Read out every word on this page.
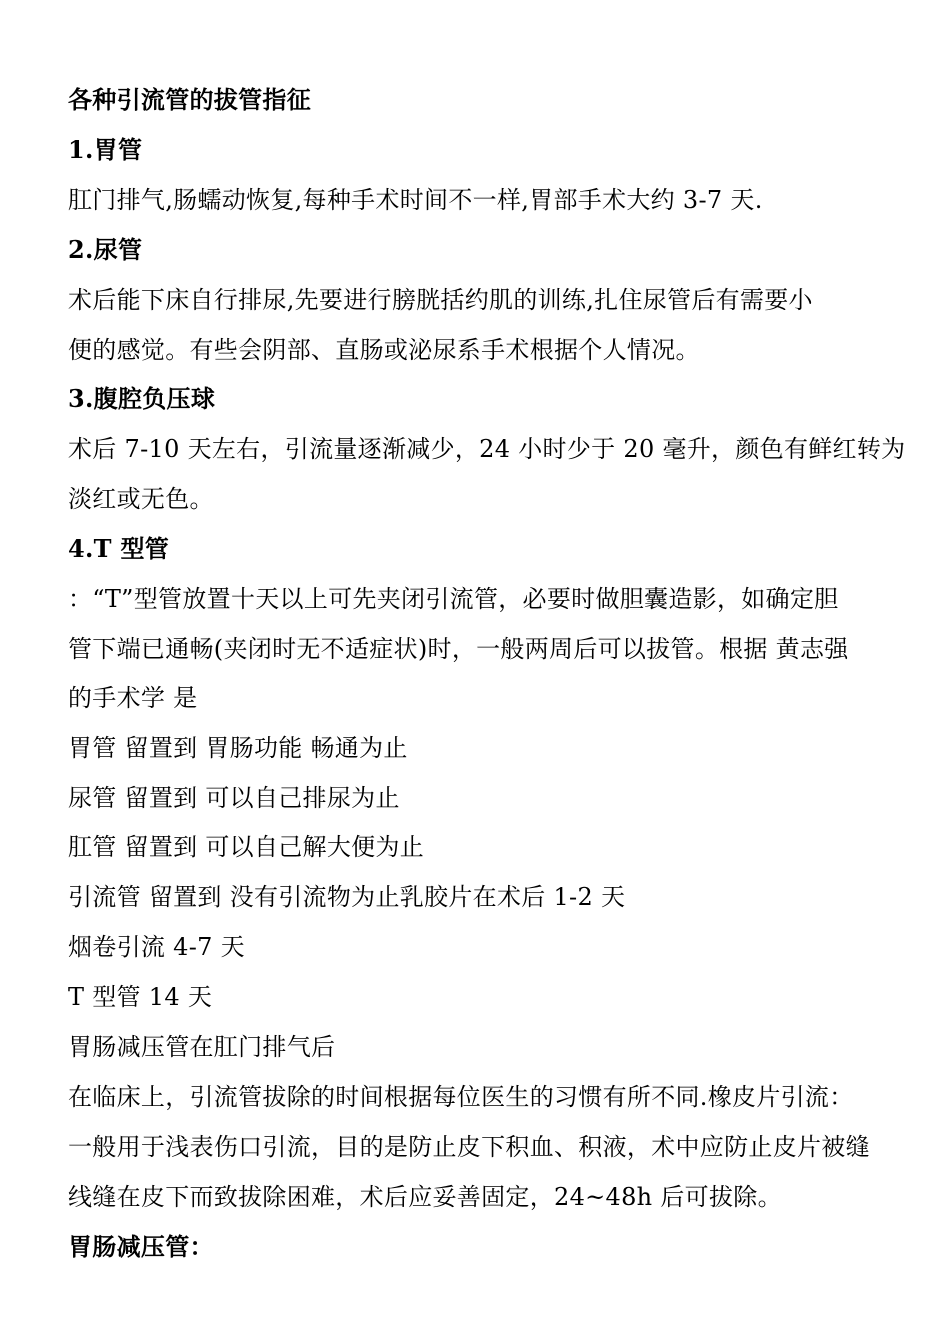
各种引流管的拔管指征
1.胃管
肛门排气,肠蠕动恢复,每种手术时间不一样,胃部手术大约 3-7 天.
2.尿管
术后能下床自行排尿,先要进行膀胱括约肌的训练,扎住尿管后有需要小
便的感觉。有些会阴部、直肠或泌尿系手术根据个人情况。
3.腹腔负压球
术后 7-10 天左右，引流量逐渐减少，24 小时少于 20 毫升，颜色有鲜红转为
淡红或无色。
4.T 型管
：“T”型管放置十天以上可先夹闭引流管，必要时做胆囊造影，如确定胆
管下端已通畅(夹闭时无不适症状)时，一般两周后可以拔管。根据 黄志强
的手术学 是
胃管 留置到 胃肠功能 畅通为止
尿管 留置到 可以自己排尿为止
肛管 留置到 可以自己解大便为止
引流管 留置到 没有引流物为止乳胶片在术后 1-2 天
烟卷引流 4-7 天
T 型管 14 天
胃肠减压管在肛门排气后
在临床上，引流管拔除的时间根据每位医生的习惯有所不同.橡皮片引流：
一般用于浅表伤口引流，目的是防止皮下积血、积液，术中应防止皮片被缝
线缝在皮下而致拔除困难，术后应妥善固定，24~48h 后可拔除。
胃肠减压管：
